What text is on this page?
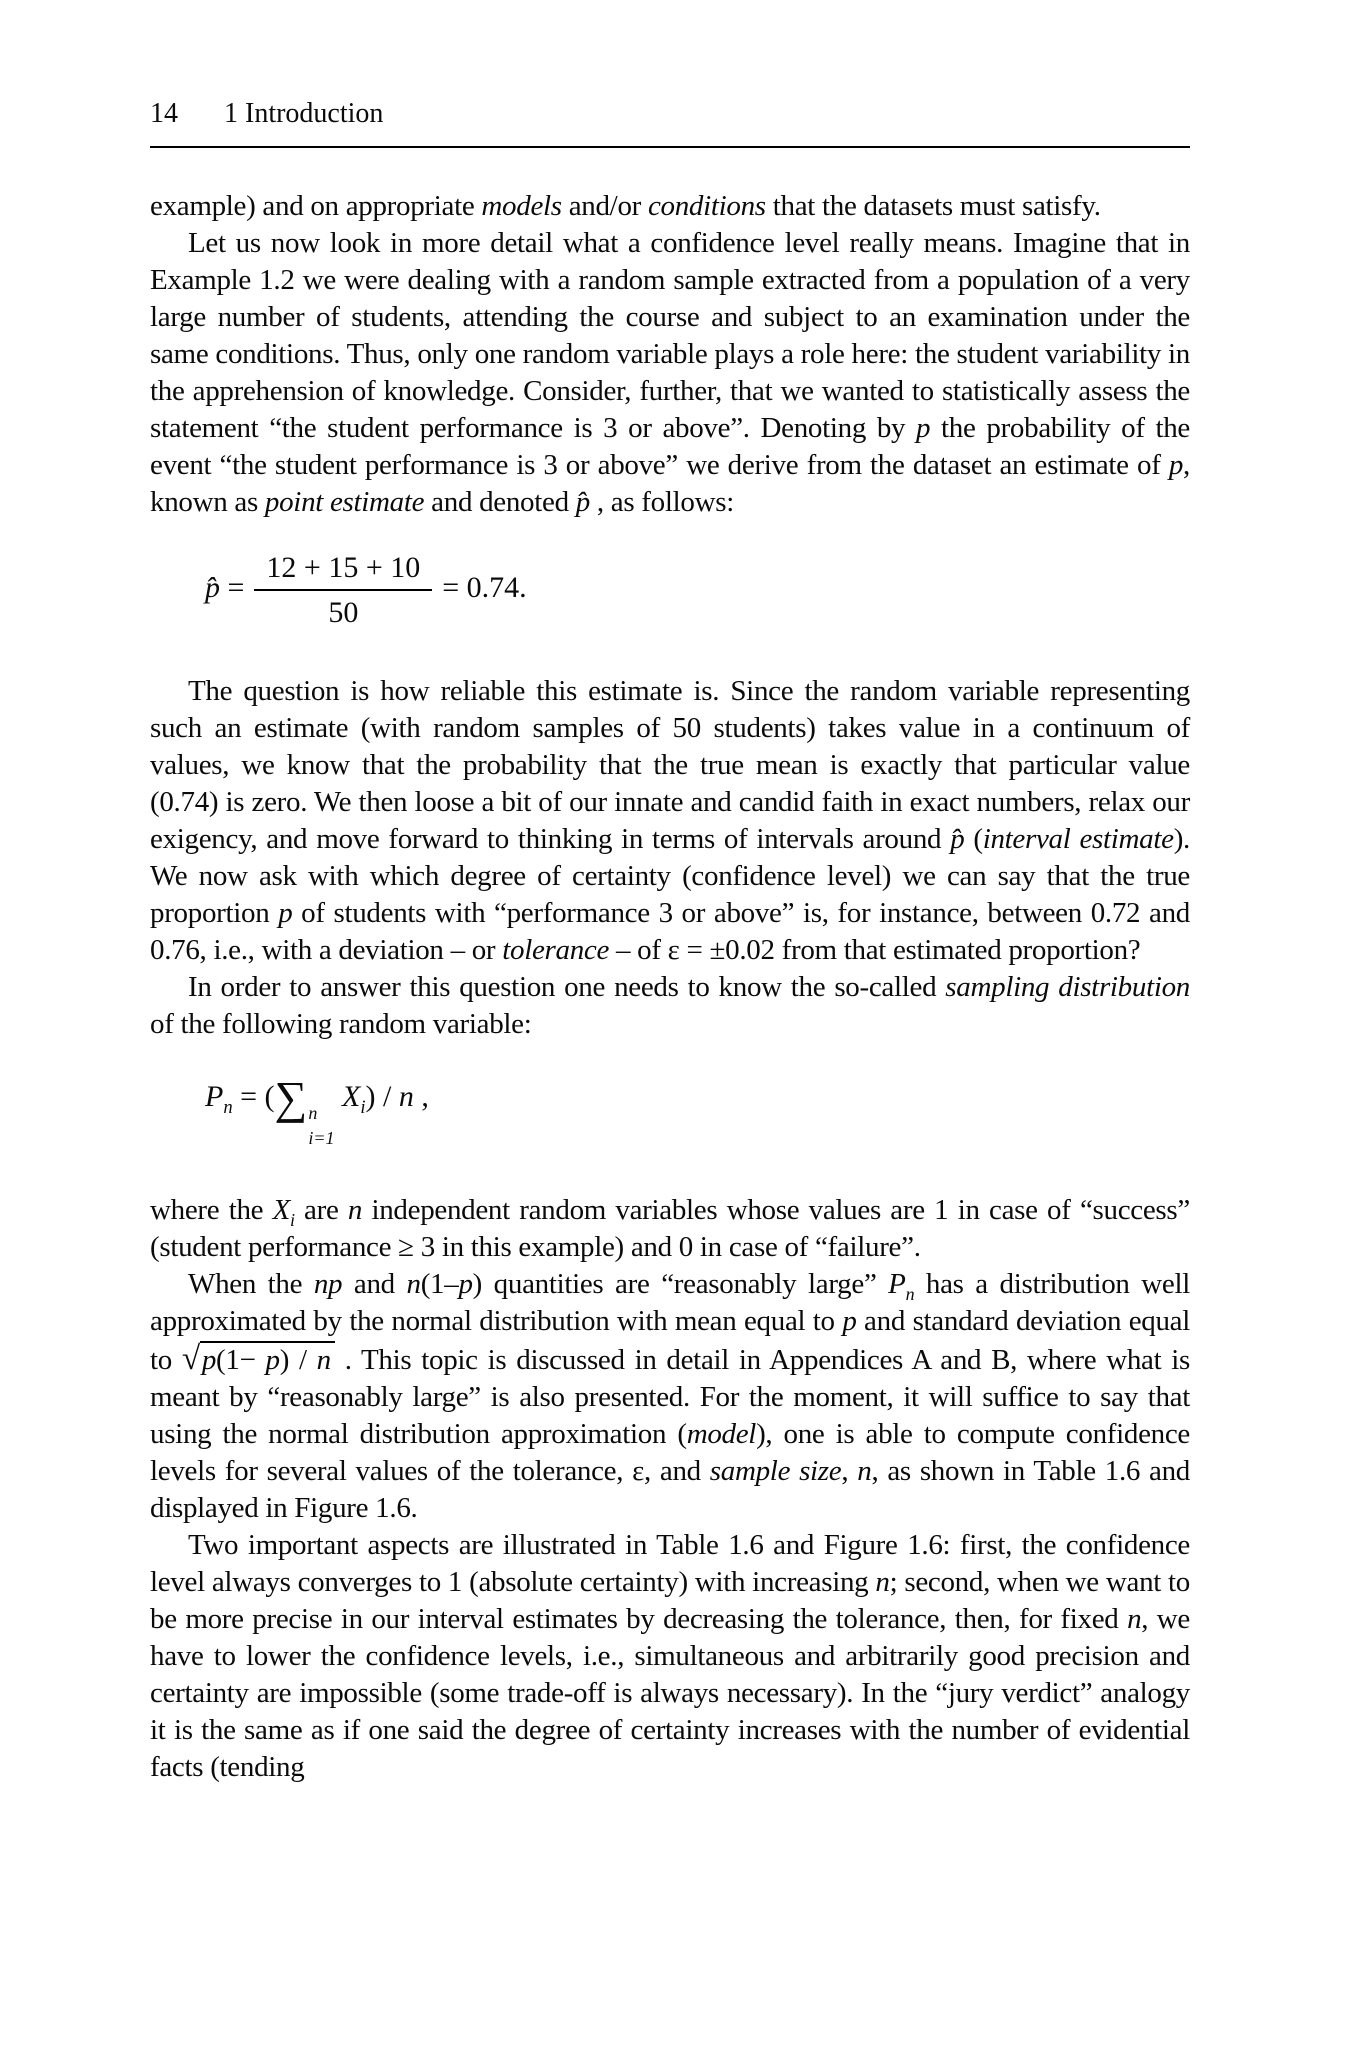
14 1 Introduction

example) and on appropriate models and/or conditions that the datasets must satisfy.

Let us now look in more detail what a confidence level really means. Imagine that in Example 1.2 we were dealing with a random sample extracted from a population of a very large number of students, attending the course and subject to an examination under the same conditions. Thus, only one random variable plays a role here: the student variability in the apprehension of knowledge. Consider, further, that we wanted to statistically assess the statement “the student performance is 3 or above”. Denoting by p the probability of the event “the student performance is 3 or above” we derive from the dataset an estimate of p, known as point estimate and denoted p̂ , as follows:

p̂ = $\frac{12 + 15 + 10}{50} = 0.74$.

The question is how reliable this estimate is. Since the random variable representing such an estimate (with random samples of 50 students) takes value in a continuum of values, we know that the probability that the true mean is exactly that particular value (0.74) is zero. We then loose a bit of our innate and candid faith in exact numbers, relax our exigency, and move forward to thinking in terms of intervals around p̂ (interval estimate). We now ask with which degree of certainty (confidence level) we can say that the true proportion p of students with “performance 3 or above” is, for instance, between 0.72 and 0.76, i.e., with a deviation – or tolerance – of ε = ±0.02 from that estimated proportion?

In order to answer this question one needs to know the so-called sampling distribution of the following random variable:

$P_n$ = (∑ n
i=1
$X_i$) / n ,

where the $X_i$ are n independent random variables whose values are 1 in case of “success” (student performance ≥ 3 in this example) and 0 in case of “failure”.

When the np and n(1–p) quantities are “reasonably large” $P_n$ has a distribution well approximated by the normal distribution with mean equal to p and standard deviation equal to √p(1− p) / n . This topic is discussed in detail in Appendices A and B, where what is meant by “reasonably large” is also presented. For the moment, it will suffice to say that using the normal distribution approximation (model), one is able to compute confidence levels for several values of the tolerance, ε, and sample size, n, as shown in Table 1.6 and displayed in Figure 1.6.

Two important aspects are illustrated in Table 1.6 and Figure 1.6: first, the confidence level always converges to 1 (absolute certainty) with increasing n; second, when we want to be more precise in our interval estimates by decreasing the tolerance, then, for fixed n, we have to lower the confidence levels, i.e., simultaneous and arbitrarily good precision and certainty are impossible (some trade-off is always necessary). In the “jury verdict” analogy it is the same as if one said the degree of certainty increases with the number of evidential facts (tending
